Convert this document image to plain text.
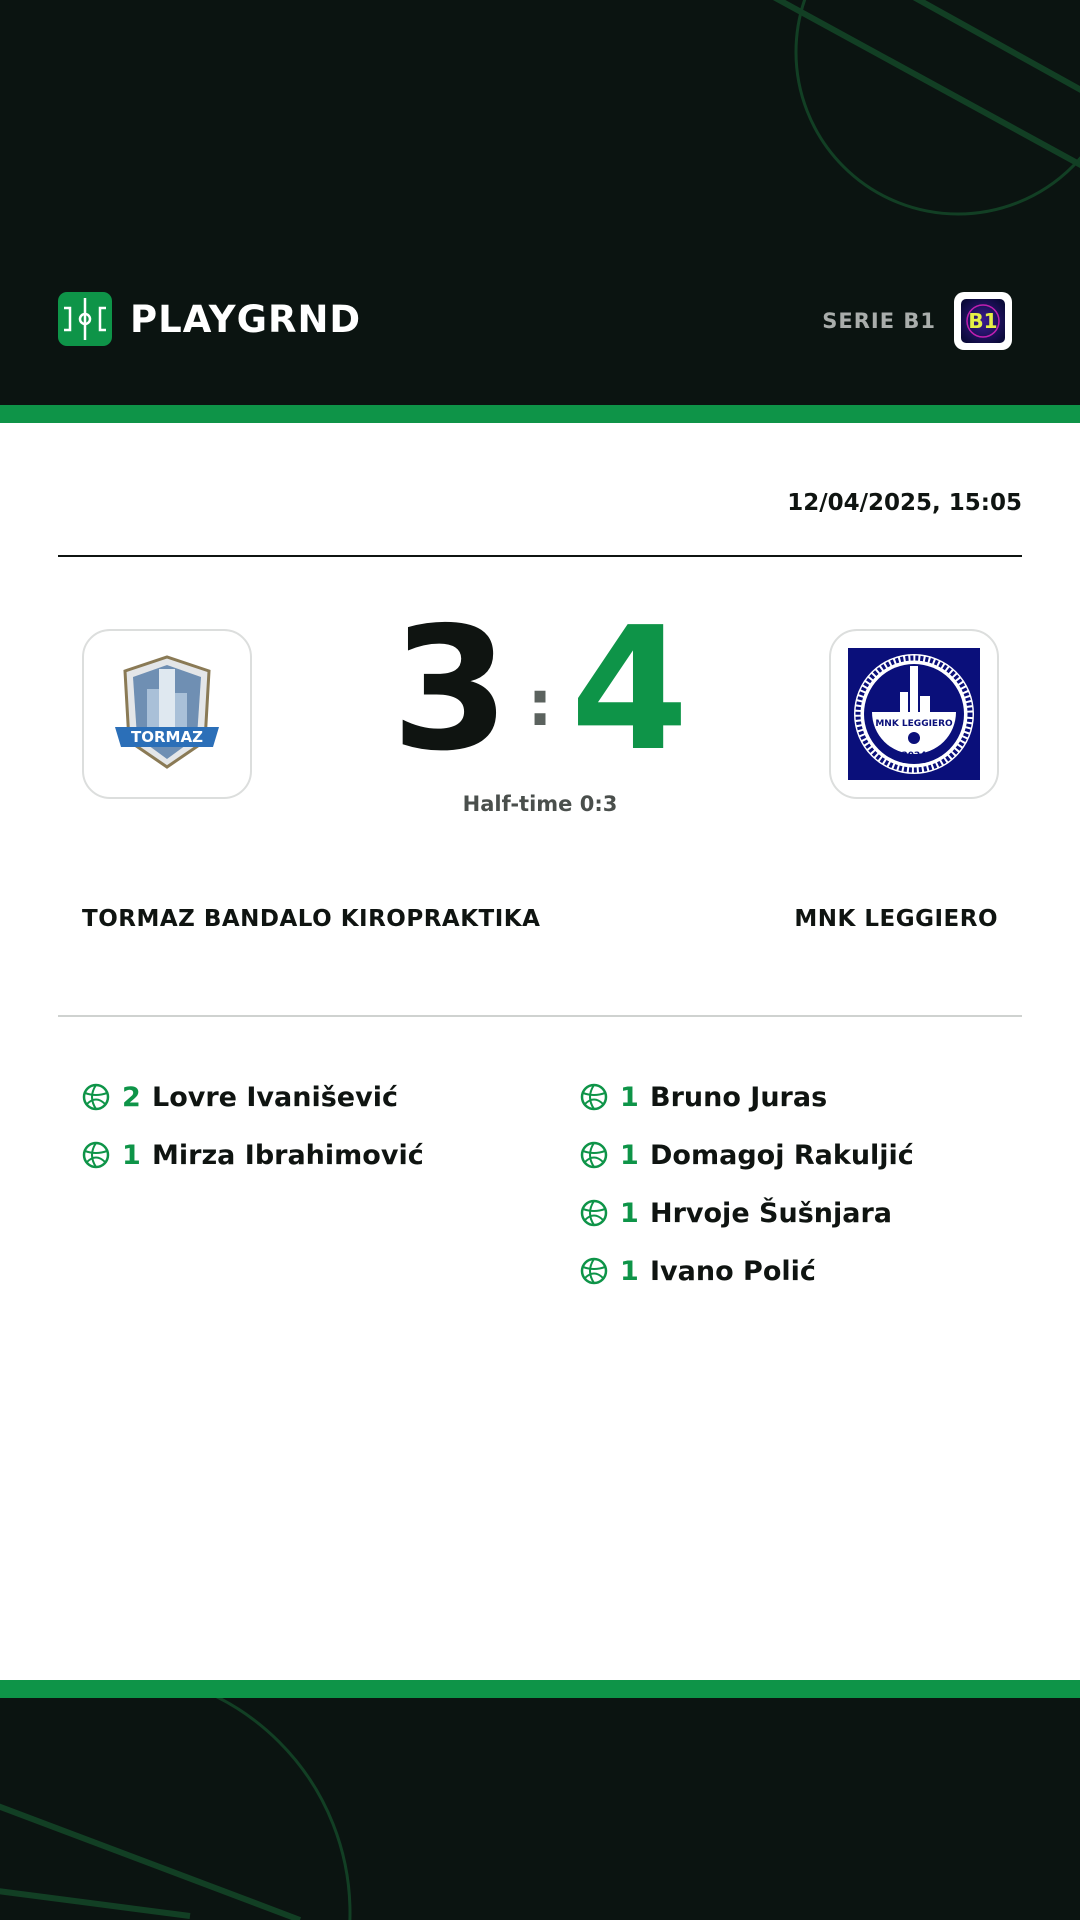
PLAYGRND	SERIE B1 B1
12/04/2025, 15:05
TORMAZ	3 : 4
Half-time 0:3
MNK LEGGIERO
2024
TORMAZ BANDALO KIROPRAKTIKA	MNK LEGGIERO
2 Lovre Ivanišević
1 Mirza Ibrahimović
1 Bruno Juras
1 Domagoj Rakuljić
1 Hrvoje Šušnjara
1 Ivano Polić
